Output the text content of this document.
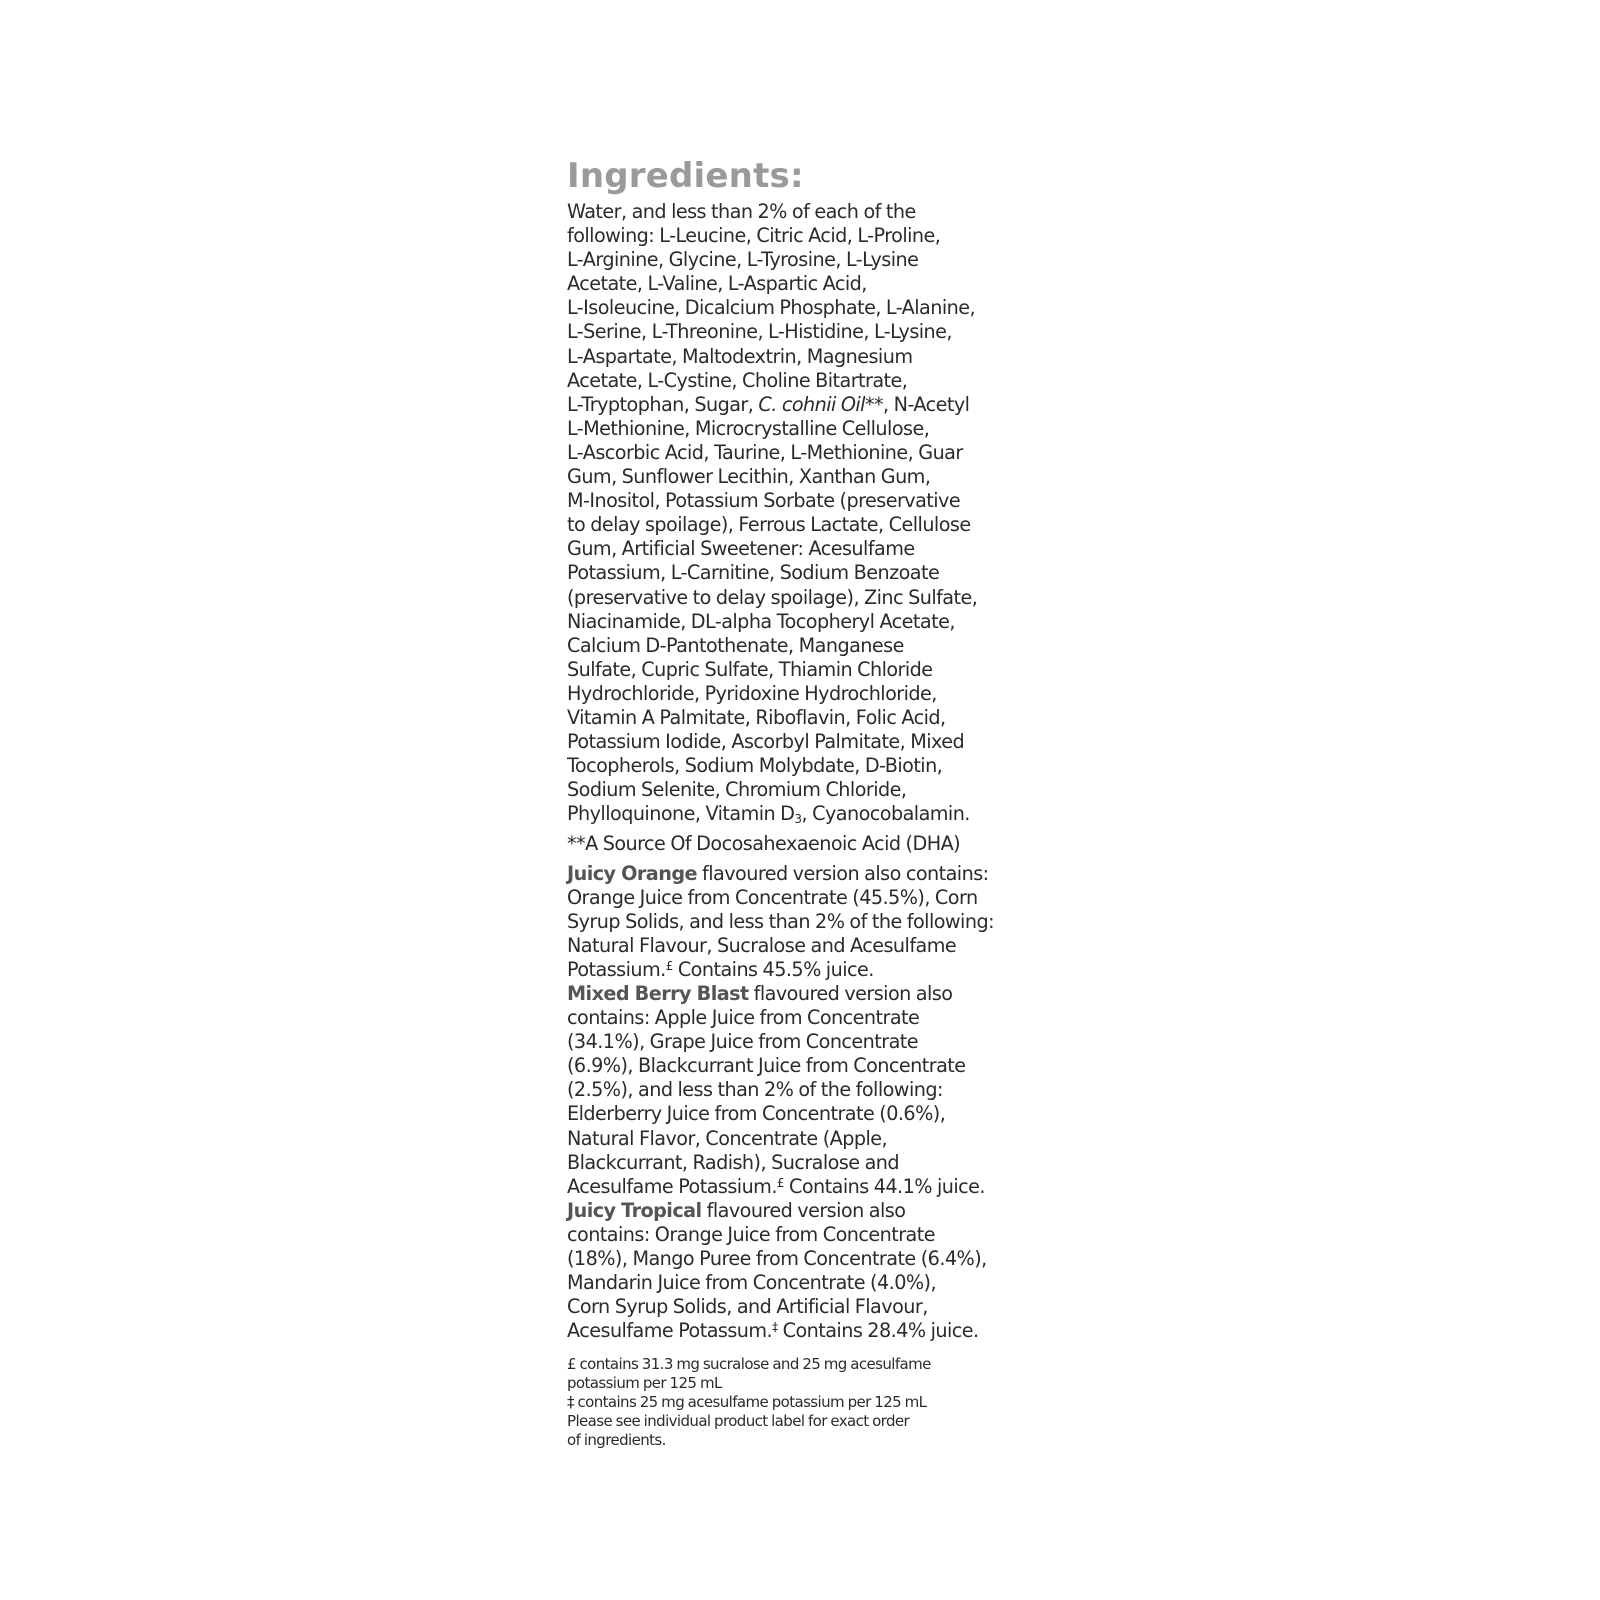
Ingredients:
Water, and less than 2% of each of the
following: L-Leucine, Citric Acid, L-Proline,
L-Arginine, Glycine, L-Tyrosine, L-Lysine
Acetate, L-Valine, L-Aspartic Acid,
L-Isoleucine, Dicalcium Phosphate, L-Alanine,
L-Serine, L-Threonine, L-Histidine, L-Lysine,
L-Aspartate, Maltodextrin, Magnesium
Acetate, L-Cystine, Choline Bitartrate,
L-Tryptophan, Sugar, C. cohnii Oil**, N-Acetyl
L-Methionine, Microcrystalline Cellulose,
L-Ascorbic Acid, Taurine, L-Methionine, Guar
Gum, Sunflower Lecithin, Xanthan Gum,
M-Inositol, Potassium Sorbate (preservative
to delay spoilage), Ferrous Lactate, Cellulose
Gum, Artificial Sweetener: Acesulfame
Potassium, L-Carnitine, Sodium Benzoate
(preservative to delay spoilage), Zinc Sulfate,
Niacinamide, DL-alpha Tocopheryl Acetate,
Calcium D-Pantothenate, Manganese
Sulfate, Cupric Sulfate, Thiamin Chloride
Hydrochloride, Pyridoxine Hydrochloride,
Vitamin A Palmitate, Riboflavin, Folic Acid,
Potassium Iodide, Ascorbyl Palmitate, Mixed
Tocopherols, Sodium Molybdate, D-Biotin,
Sodium Selenite, Chromium Chloride,
Phylloquinone, Vitamin $D_3$, Cyanocobalamin.
**A Source Of Docosahexaenoic Acid (DHA)
Juicy Orange flavoured version also contains:
Orange Juice from Concentrate (45.5%), Corn
Syrup Solids, and less than 2% of the following:
Natural Flavour, Sucralose and Acesulfame
Potassium.£ Contains 45.5% juice.
Mixed Berry Blast flavoured version also
contains: Apple Juice from Concentrate
(34.1%), Grape Juice from Concentrate
(6.9%), Blackcurrant Juice from Concentrate
(2.5%), and less than 2% of the following:
Elderberry Juice from Concentrate (0.6%),
Natural Flavor, Concentrate (Apple,
Blackcurrant, Radish), Sucralose and
Acesulfame Potassium.£ Contains 44.1% juice.
Juicy Tropical flavoured version also
contains: Orange Juice from Concentrate
(18%), Mango Puree from Concentrate (6.4%),
Mandarin Juice from Concentrate (4.0%),
Corn Syrup Solids, and Artificial Flavour,
Acesulfame Potassum.‡ Contains 28.4% juice.
£ contains 31.3 mg sucralose and 25 mg acesulfame
potassium per 125 mL
‡ contains 25 mg acesulfame potassium per 125 mL
Please see individual product label for exact order
of ingredients.
